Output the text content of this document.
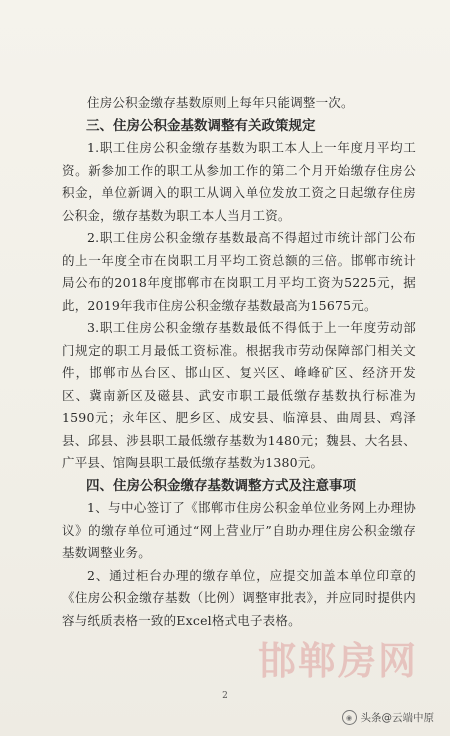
住房公积金缴存基数原则上每年只能调整一次。

三、住房公积金基数调整有关政策规定

1.职工住房公积金缴存基数为职工本人上一年度月平均工资。新参加工作的职工从参加工作的第二个月开始缴存住房公积金，单位新调入的职工从调入单位发放工资之日起缴存住房公积金，缴存基数为职工本人当月工资。

2.职工住房公积金缴存基数最高不得超过市统计部门公布的上一年度全市在岗职工月平均工资总额的三倍。邯郸市统计局公布的2018年度邯郸市在岗职工月平均工资为5225元，据此，2019年我市住房公积金缴存基数最高为15675元。

3.职工住房公积金缴存基数最低不得低于上一年度劳动部门规定的职工月最低工资标准。根据我市劳动保障部门相关文件，邯郸市丛台区、邯山区、复兴区、峰峰矿区、经济开发区、冀南新区及磁县、武安市职工最低缴存基数执行标准为1590元；永年区、肥乡区、成安县、临漳县、曲周县、鸡泽县、邱县、涉县职工最低缴存基数为1480元；魏县、大名县、广平县、馆陶县职工最低缴存基数为1380元。

四、住房公积金缴存基数调整方式及注意事项

1、与中心签订了《邯郸市住房公积金单位业务网上办理协议》的缴存单位可通过“网上营业厅”自助办理住房公积金缴存基数调整业务。

2、通过柜台办理的缴存单位，应提交加盖本单位印章的《住房公积金缴存基数（比例）调整审批表》，并应同时提供内容与纸质表格一致的Excel格式电子表格。

邯郸房网
2
◉ 头条@云端中原
